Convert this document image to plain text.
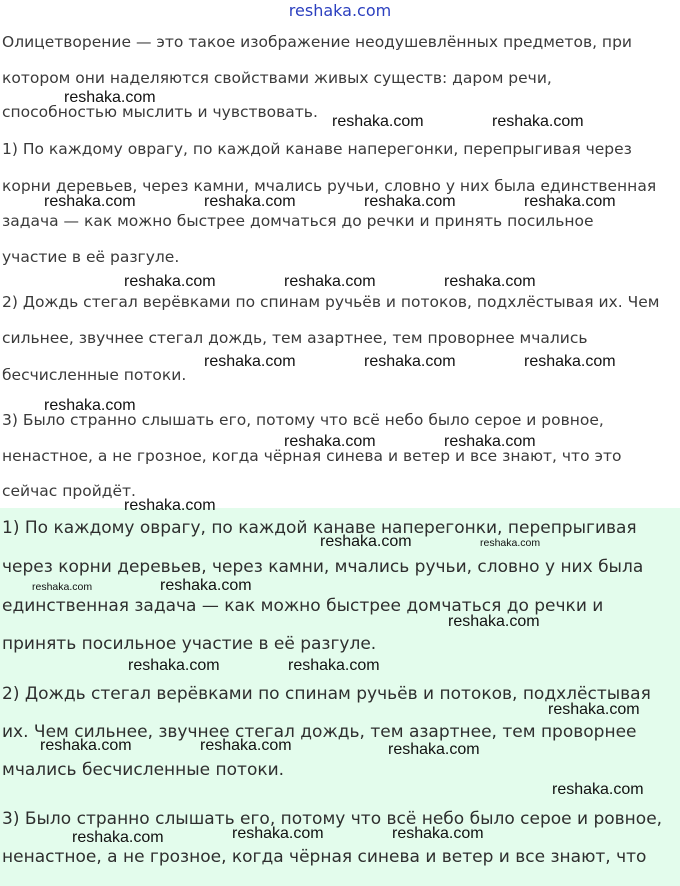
reshaka.com
Олицетворение — это такое изображение неодушевлённых предметов, при
котором они наделяются свойствами живых существ: даром речи,
способностью мыслить и чувствовать.
1) По каждому оврагу, по каждой канаве наперегонки, перепрыгивая через
корни деревьев, через камни, мчались ручьи, словно у них была единственная
задача — как можно быстрее домчаться до речки и принять посильное
участие в её разгуле.
2) Дождь стегал верёвками по спинам ручьёв и потоков, подхлёстывая их. Чем
сильнее, звучнее стегал дождь, тем азартнее, тем проворнее мчались
бесчисленные потоки.
3) Было странно слышать его, потому что всё небо было серое и ровное,
ненастное, а не грозное, когда чёрная синева и ветер и все знают, что это
сейчас пройдёт.
1) По каждому оврагу, по каждой канаве наперегонки, перепрыгивая
через корни деревьев, через камни, мчались ручьи, словно у них была
единственная задача — как можно быстрее домчаться до речки и
принять посильное участие в её разгуле.
2) Дождь стегал верёвками по спинам ручьёв и потоков, подхлёстывая
их. Чем сильнее, звучнее стегал дождь, тем азартнее, тем проворнее
мчались бесчисленные потоки.
3) Было странно слышать его, потому что всё небо было серое и ровное,
ненастное, а не грозное, когда чёрная синева и ветер и все знают, что
reshaka.com
reshaka.com	reshaka.com
reshaka.com	reshaka.com	reshaka.com	reshaka.com
reshaka.com	reshaka.com	reshaka.com
reshaka.com	reshaka.com	reshaka.com
reshaka.com
reshaka.com	reshaka.com
reshaka.com
reshaka.com	reshaka.com
reshaka.com	reshaka.com
reshaka.com
reshaka.com	reshaka.com
reshaka.com
reshaka.com	reshaka.com	reshaka.com
reshaka.com
reshaka.com	reshaka.com	reshaka.com
